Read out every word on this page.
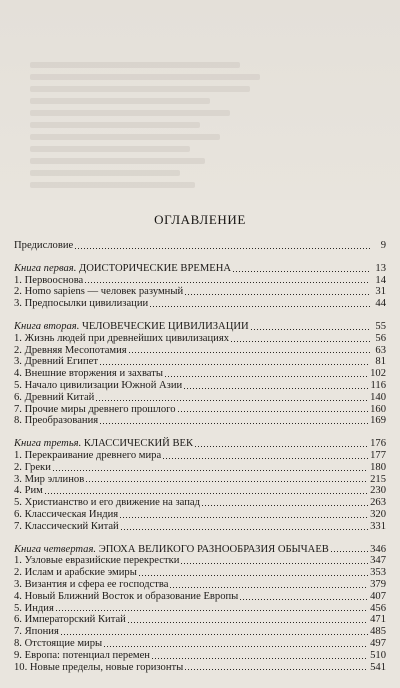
ОГЛАВЛЕНИЕ
Предисловие	9
Книга первая. ДОИСТОРИЧЕСКИЕ ВРЕМЕНА	13
1. Первооснова	14
2. Homo sapiens — человек разумный	31
3. Предпосылки цивилизации	44
Книга вторая. ЧЕЛОВЕЧЕСКИЕ ЦИВИЛИЗАЦИИ	55
1. Жизнь людей при древнейших цивилизациях	56
2. Древняя Месопотамия	63
3. Древний Египет	81
4. Внешние вторжения и захваты	102
5. Начало цивилизации Южной Азии	116
6. Древний Китай	140
7. Прочие миры древнего прошлого	160
8. Преобразования	169
Книга третья. КЛАССИЧЕСКИЙ ВЕК	176
1. Перекраивание древнего мира	177
2. Греки	180
3. Мир эллинов	215
4. Рим	230
5. Христианство и его движение на запад	263
6. Классическая Индия	320
7. Классический Китай	331
Книга четвертая. ЭПОХА ВЕЛИКОГО РАЗНООБРАЗИЯ ОБЫЧАЕВ	346
1. Узловые евразийские перекрестки	347
2. Ислам и арабские эмиры	353
3. Византия и сфера ее господства	379
4. Новый Ближний Восток и образование Европы	407
5. Индия	456
6. Императорский Китай	471
7. Япония	485
8. Отстоящие миры	497
9. Европа: потенциал перемен	510
10. Новые пределы, новые горизонты	541
